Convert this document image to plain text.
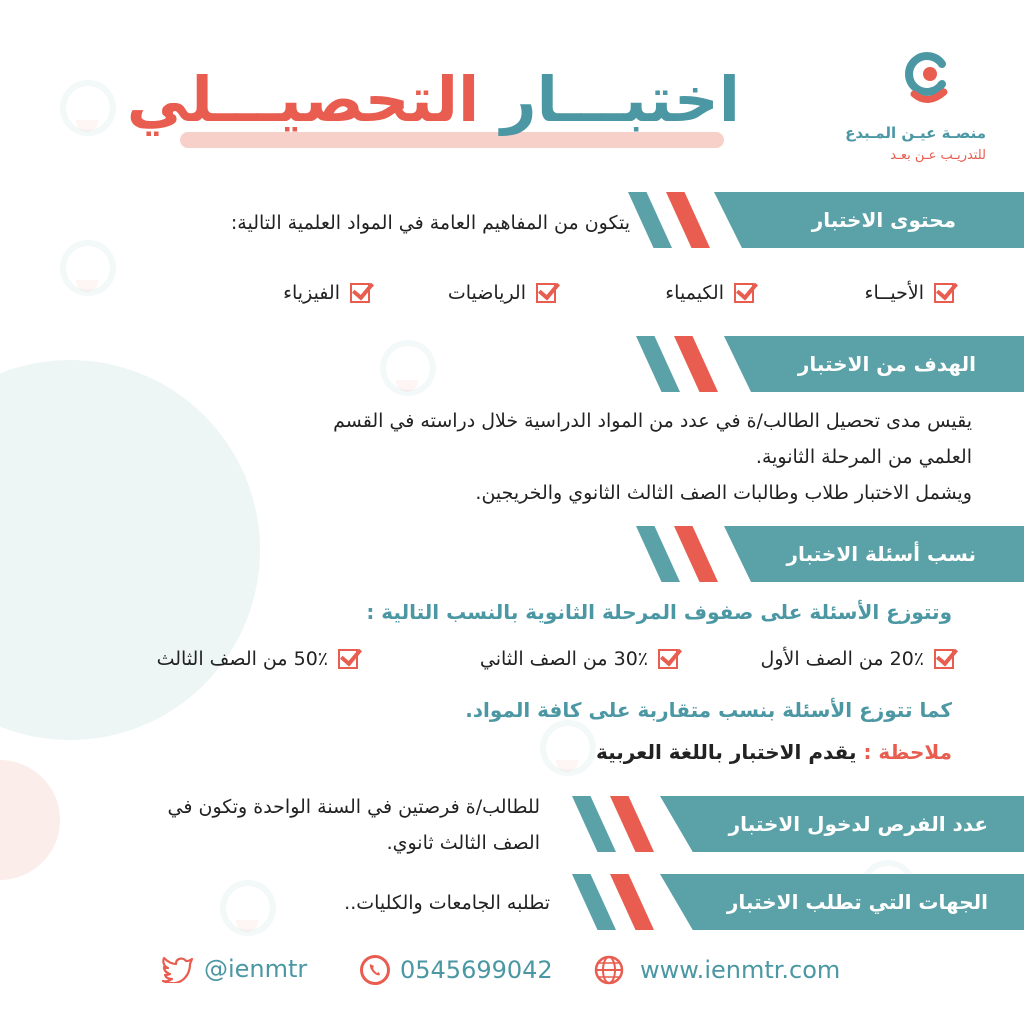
منصـة عيـن المـبدع
للتدريـب عـن بعـد
اختبـــار التحصيـــلي
محتوى الاختبار
يتكون من المفاهيم العامة في المواد العلمية التالية:
الأحيــاء
الكيمياء
الرياضيات
الفيزياء
الهدف من الاختبار
يقيس مدى تحصيل الطالب/ة في عدد من المواد الدراسية خلال دراسته في القسم
العلمي من المرحلة الثانوية.
ويشمل الاختبار طلاب وطالبات الصف الثالث الثانوي والخريجين.
نسب أسئلة الاختبار
وتتوزع الأسئلة على صفوف المرحلة الثانوية بالنسب التالية :
20٪ من الصف الأول
30٪ من الصف الثاني
50٪ من الصف الثالث
كما تتوزع الأسئلة بنسب متقاربة على كافة المواد.
ملاحظة : يقدم الاختبار باللغة العربية
عدد الفرص لدخول الاختبار
للطالب/ة فرصتين في السنة الواحدة وتكون في
الصف الثالث ثانوي.
الجهات التي تطلب الاختبار
تطلبه الجامعات والكليات..
@ienmtr	0545699042	www.ienmtr.com
